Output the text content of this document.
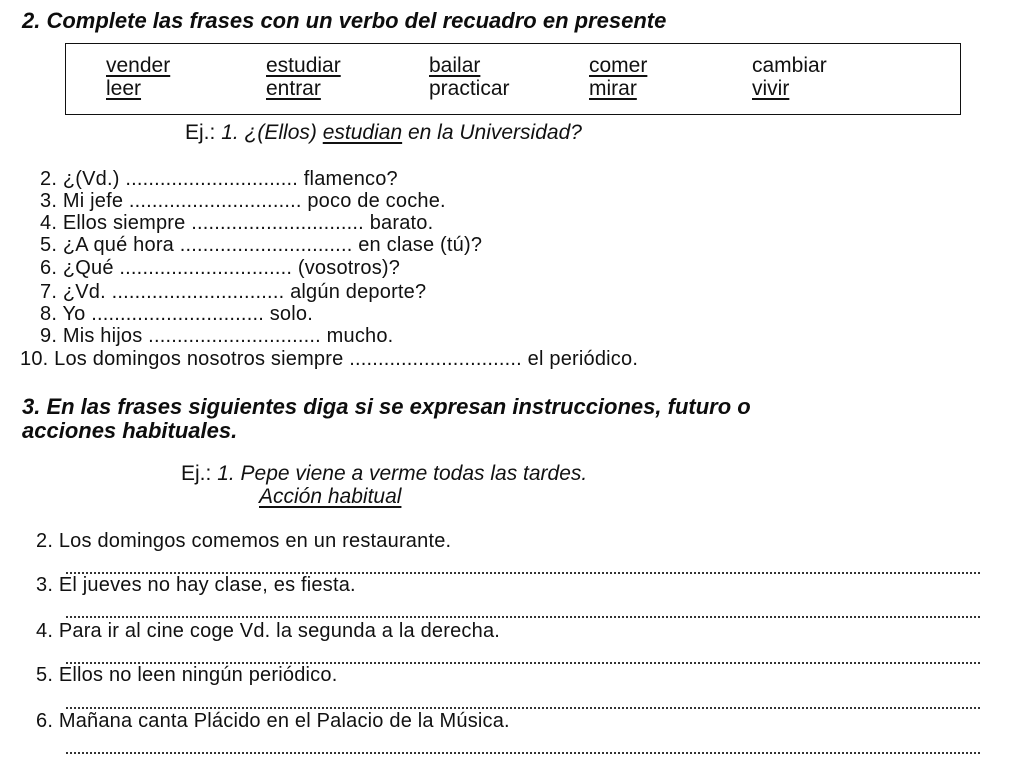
2. Complete las frases con un verbo del recuadro en presente
vender	estudiar	bailar	comer	cambiar
leer	entrar	practicar	mirar	vivir
Ej.: 1. ¿(Ellos) estudian en la Universidad?
2. ¿(Vd.) .............................. flamenco?
3. Mi jefe .............................. poco de coche.
4. Ellos siempre .............................. barato.
5. ¿A qué hora .............................. en clase (tú)?
6. ¿Qué .............................. (vosotros)?
7. ¿Vd. .............................. algún deporte?
8. Yo .............................. solo.
9. Mis hijos .............................. mucho.
10. Los domingos nosotros siempre .............................. el periódico.
3. En las frases siguientes diga si se expresan instrucciones, futuro o
acciones habituales.
Ej.: 1. Pepe viene a verme todas las tardes.
Acción habitual
2. Los domingos comemos en un restaurante.
3. El jueves no hay clase, es fiesta.
4. Para ir al cine coge Vd. la segunda a la derecha.
5. Ellos no leen ningún periódico.
6. Mañana canta Plácido en el Palacio de la Música.
